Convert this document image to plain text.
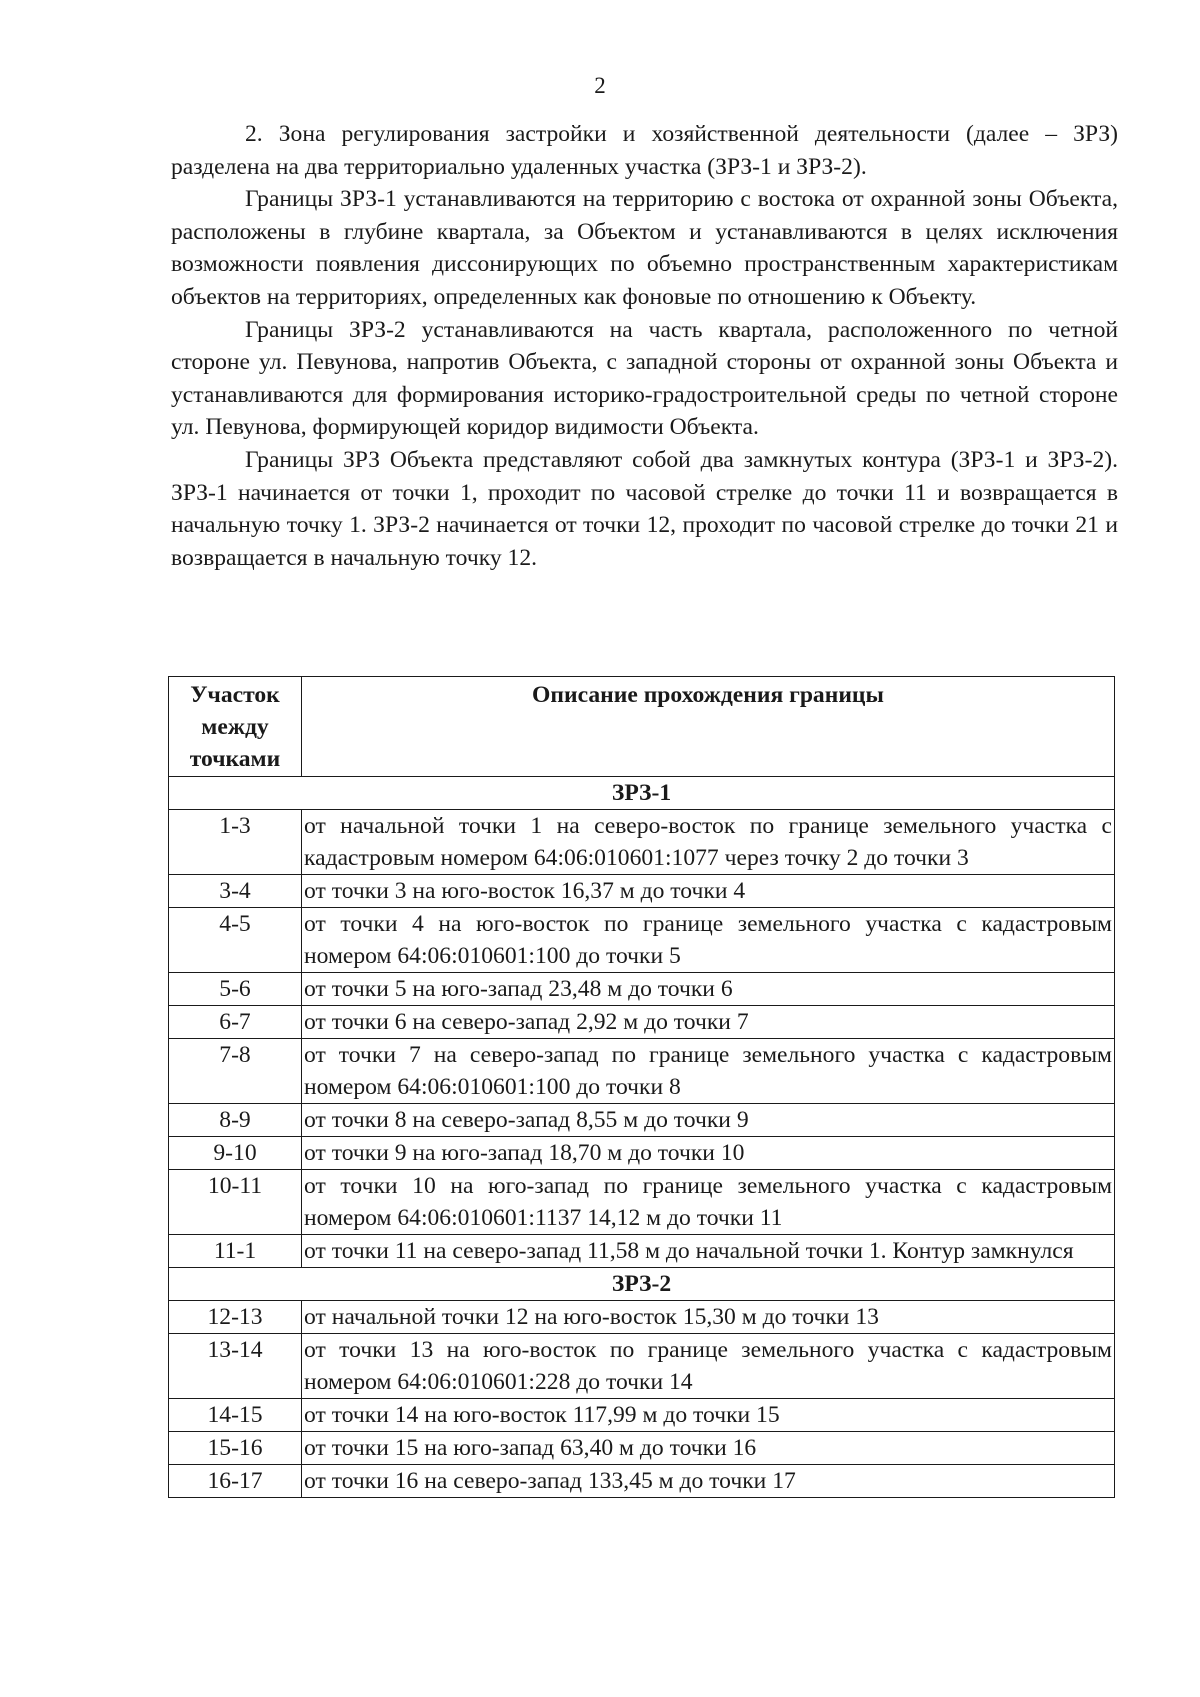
2

2. Зона регулирования застройки и хозяйственной деятельности (далее – ЗРЗ) разделена на два территориально удаленных участка (ЗРЗ-1 и ЗРЗ-2).

Границы ЗРЗ-1 устанавливаются на территорию с востока от охранной зоны Объекта, расположены в глубине квартала, за Объектом и устанавливаются в целях исключения возможности появления диссонирующих по объемно пространственным характеристикам объектов на территориях, определенных как фоновые по отношению к Объекту.

Границы ЗРЗ-2 устанавливаются на часть квартала, расположенного по четной стороне ул. Певунова, напротив Объекта, с западной стороны от охранной зоны Объекта и устанавливаются для формирования историко-градостроительной среды по четной стороне ул. Певунова, формирующей коридор видимости Объекта.

Границы ЗРЗ Объекта представляют собой два замкнутых контура (ЗРЗ-1 и ЗРЗ-2). ЗРЗ-1 начинается от точки 1, проходит по часовой стрелке до точки 11 и возвращается в начальную точку 1. ЗРЗ-2 начинается от точки 12, проходит по часовой стрелке до точки 21 и возвращается в начальную точку 12.

Участок между точками	Описание прохождения границы
ЗРЗ-1	
1-3	от начальной точки 1 на северо-восток по границе земельного участка с кадастровым номером 64:06:010601:1077 через точку 2 до точки 3
3-4	от точки 3 на юго-восток 16,37 м до точки 4
4-5	от точки 4 на юго-восток по границе земельного участка с кадастровым номером 64:06:010601:100 до точки 5
5-6	от точки 5 на юго-запад 23,48 м до точки 6
6-7	от точки 6 на северо-запад 2,92 м до точки 7
7-8	от точки 7 на северо-запад по границе земельного участка с кадастровым номером 64:06:010601:100 до точки 8
8-9	от точки 8 на северо-запад 8,55 м до точки 9
9-10	от точки 9 на юго-запад 18,70 м до точки 10
10-11	от точки 10 на юго-запад по границе земельного участка с кадастровым номером 64:06:010601:1137 14,12 м до точки 11
11-1	от точки 11 на северо-запад 11,58 м до начальной точки 1. Контур замкнулся
ЗРЗ-2	
12-13	от начальной точки 12 на юго-восток 15,30 м до точки 13
13-14	от точки 13 на юго-восток по границе земельного участка с кадастровым номером 64:06:010601:228 до точки 14
14-15	от точки 14 на юго-восток 117,99 м до точки 15
15-16	от точки 15 на юго-запад 63,40 м до точки 16
16-17	от точки 16 на северо-запад 133,45 м до точки 17
